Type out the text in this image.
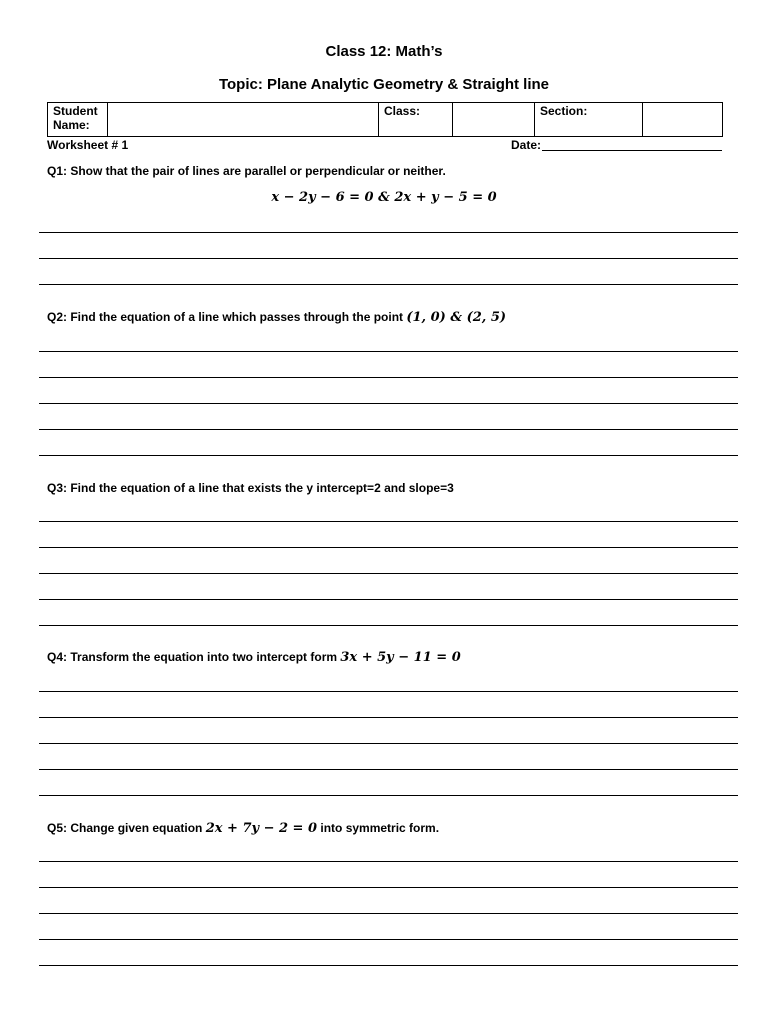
Class 12: Math’s
Topic: Plane Analytic Geometry & Straight line
Student
Name:
		Class:		Section:	
Worksheet # 1	Date:
Q1: Show that the pair of lines are parallel or perpendicular or neither.
x − 2y − 6 = 0 & 2x + y − 5 = 0
Q2: Find the equation of a line which passes through the point (1, 0) & (2, 5)
Q3: Find the equation of a line that exists the y intercept=2 and slope=3
Q4: Transform the equation into two intercept form 3x + 5y − 11 = 0
Q5: Change given equation 2x + 7y − 2 = 0 into symmetric form.
